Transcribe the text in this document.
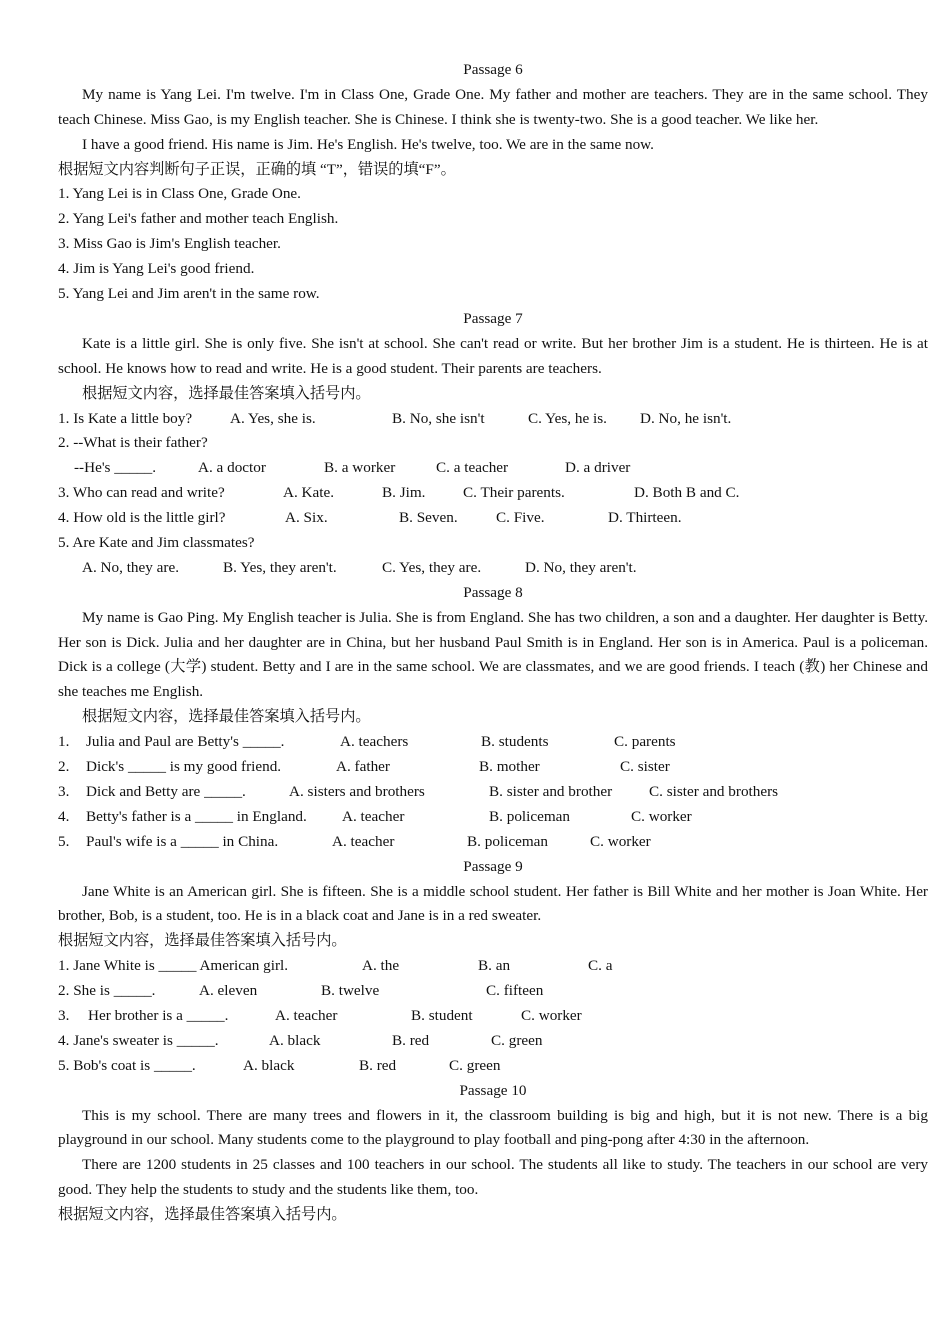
Passage 6
My name is Yang Lei. I'm twelve. I'm in Class One, Grade One. My father and mother are teachers. They are in the same school. They teach Chinese. Miss Gao, is my English teacher. She is Chinese. I think she is twenty-two. She is a good teacher. We like her.
I have a good friend. His name is Jim. He's English. He's twelve, too. We are in the same now.
根据短文内容判断句子正误，正确的填 “T”，错误的填“F”。
1. Yang Lei is in Class One, Grade One.
2. Yang Lei's father and mother teach English.
3. Miss Gao is Jim's English teacher.
4. Jim is Yang Lei's good friend.
5. Yang Lei and Jim aren't in the same row.
Passage 7
Kate is a little girl. She is only five. She isn't at school. She can't read or write. But her brother Jim is a student. He is thirteen. He is at school. He knows how to read and write. He is a good student. Their parents are teachers.
根据短文内容，选择最佳答案填入括号内。

1. Is Kate a little boy?

A. Yes, she is.

	B. No, she isn't

	C. Yes, he is.

D. No, he isn't.

2. --What is their father?

--He's _____.

	A. a doctor

	B. a worker

	C. a teacher

	D. a driver

3. Who can read and write?

	A. Kate.

	B. Jim.

C. Their parents.

	D. Both B and C.

4. How old is the little girl?

	A. Six.

	B. Seven.

	C. Five.

	D. Thirteen.

5. Are Kate and Jim classmates?

A. No, they are.

	B. Yes, they aren't.

	C. Yes, they are.

	D. No, they aren't.

Passage 8
My name is Gao Ping. My English teacher is Julia. She is from England. She has two children, a son and a daughter. Her daughter is Betty. Her son is Dick. Julia and her daughter are in China, but her husband Paul Smith is in England. Her son is in America. Paul is a policeman. Dick is a college (大学) student. Betty and I are in the same school. We are classmates, and we are good friends. I teach (教) her Chinese and she teaches me English.
根据短文内容，选择最佳答案填入括号内。

1.

Julia and Paul are Betty's _____.

	A. teachers

	B. students

	C. parents

2.

Dick's _____ is my good friend.

	A. father

	B. mother

	C. sister

3.

Dick and Betty are _____.

	A. sisters and brothers

	B. sister and brother

C. sister and brothers

4.

Betty's father is a _____ in England.

A. teacher

	B. policeman

	C. worker

5.

Paul's wife is a _____ in China.

	A. teacher

	B. policeman

	C. worker

Passage 9
Jane White is an American girl. She is fifteen. She is a middle school student. Her father is Bill White and her mother is Joan White. Her brother, Bob, is a student, too. He is in a black coat and Jane is in a red sweater.
根据短文内容，选择最佳答案填入括号内。

1. Jane White is _____ American girl.

	A. the

	B. an

	C. a

2. She is _____.

	A. eleven

	B. twelve

	C. fifteen

3.

Her brother is a _____.

	A. teacher

	B. student

	C. worker

4. Jane's sweater is _____.

	A. black

	B. red

	C. green

5. Bob's coat is _____.

	A. black

	B. red

	C. green

Passage 10
This is my school. There are many trees and flowers in it, the classroom building is big and high, but it is not new. There is a big playground in our school. Many students come to the playground to play football and ping-pong after 4:30 in the afternoon.
There are 1200 students in 25 classes and 100 teachers in our school. The students all like to study. The teachers in our school are very good. They help the students to study and the students like them, too.
根据短文内容，选择最佳答案填入括号内。
